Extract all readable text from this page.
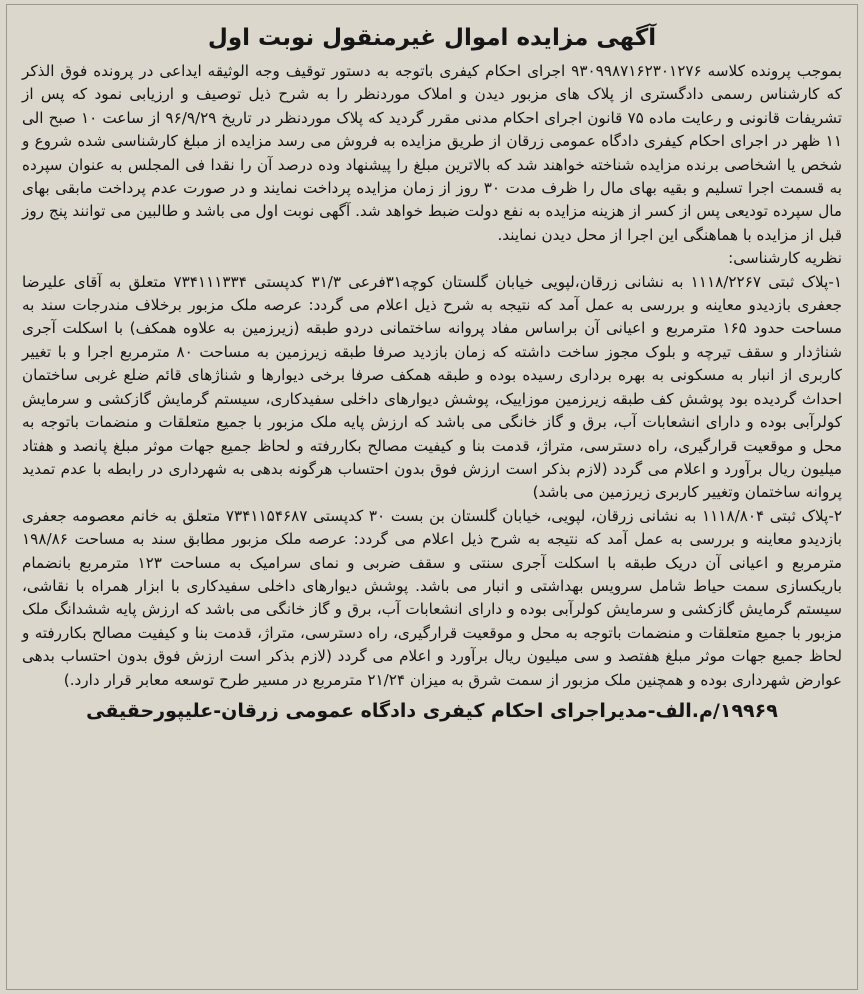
آگهی مزایده اموال غیرمنقول نوبت اول

بموجب پرونده کلاسه ۹۳۰۹۹۸۷۱۶۲۳۰۱۲۷۶ اجرای احکام کیفری باتوجه به دستور توقیف وجه الوثیقه ایداعی در پرونده فوق الذکر که کارشناس رسمی دادگستری از پلاک های مزبور دیدن و املاک موردنظر را به شرح ذیل توصیف و ارزیابی نمود که پس از تشریفات قانونی و رعایت ماده ۷۵ قانون اجرای احکام مدنی مقرر گردید که پلاک موردنظر در تاریخ ۹۶/۹/۲۹ از ساعت ۱۰ صبح الی ۱۱ ظهر در اجرای احکام کیفری دادگاه عمومی زرقان از طریق مزایده به فروش می رسد مزایده از مبلغ کارشناسی شده شروع و شخص یا اشخاصی برنده مزایده شناخته خواهند شد که بالاترین مبلغ را پیشنهاد وده درصد آن را نقدا فی المجلس به عنوان سپرده به قسمت اجرا تسلیم و بقیه بهای مال را ظرف مدت ۳۰ روز از زمان مزایده پرداخت نمایند و در صورت عدم پرداخت مابقی بهای مال سپرده تودیعی پس از کسر از هزینه مزایده به نفع دولت ضبط خواهد شد. آگهی نوبت اول می باشد و طالبین می توانند پنج روز قبل از مزایده با هماهنگی این اجرا از محل دیدن نمایند.

نظریه کارشناسی:

۱-پلاک ثبتی ۱۱۱۸/۲۲۶۷ به نشانی زرقان،لپویی خیابان گلستان کوچه۳۱فرعی ۳۱/۳ کدپستی ۷۳۴۱۱۱۳۳۴ متعلق به آقای علیرضا جعفری بازدیدو معاینه و بررسی به عمل آمد که نتیجه به شرح ذیل اعلام می گردد: عرصه ملک مزبور برخلاف مندرجات سند به مساحت حدود ۱۶۵ مترمربع و اعیانی آن براساس مفاد پروانه ساختمانی دردو طبقه (زیرزمین به علاوه همکف) با اسکلت آجری شناژدار و سقف تیرچه و بلوک مجوز ساخت داشته که زمان بازدید صرفا طبقه زیرزمین به مساحت ۸۰ مترمربع اجرا و با تغییر کاربری از انبار به مسکونی به بهره برداری رسیده بوده و طبقه همکف صرفا برخی دیوارها و شناژهای قائم ضلع غربی ساختمان احداث گردیده بود پوشش کف طبقه زیرزمین موزاییک، پوشش دیوارهای داخلی سفیدکاری، سیستم گرمایش گازکشی و سرمایش کولرآبی بوده و دارای انشعابات آب، برق و گاز خانگی می باشد که ارزش پایه ملک مزبور با جمیع متعلقات و منضمات باتوجه به محل و موقعیت قرارگیری، راه دسترسی، متراژ، قدمت بنا و کیفیت مصالح بکاررفته و لحاظ جمیع جهات موثر مبلغ پانصد و هفتاد میلیون ریال برآورد و اعلام می گردد (لازم بذکر است ارزش فوق بدون احتساب هرگونه بدهی به شهرداری در رابطه با عدم تمدید پروانه ساختمان وتغییر کاربری زیرزمین می باشد)

۲-پلاک ثبتی ۱۱۱۸/۸۰۴ به نشانی زرقان، لپویی، خیابان گلستان بن بست ۳۰ کدپستی ۷۳۴۱۱۵۴۶۸۷ متعلق به خانم معصومه جعفری بازدیدو معاینه و بررسی به عمل آمد که نتیجه به شرح ذیل اعلام می گردد: عرصه ملک مزبور مطابق سند به مساحت ۱۹۸/۸۶ مترمربع و اعیانی آن دریک طبقه با اسکلت آجری سنتی و سقف ضربی و نمای سرامیک به مساحت ۱۲۳ مترمربع بانضمام باریکسازی سمت حیاط شامل سرویس بهداشتی و انبار می باشد. پوشش دیوارهای داخلی سفیدکاری با ابزار همراه با نقاشی، سیستم گرمایش گازکشی و سرمایش کولرآبی بوده و دارای انشعابات آب، برق و گاز خانگی می باشد که ارزش پایه ششدانگ ملک مزبور با جمیع متعلقات و منضمات باتوجه به محل و موقعیت قرارگیری، راه دسترسی، متراژ، قدمت بنا و کیفیت مصالح بکاررفته و لحاظ جمیع جهات موثر مبلغ هفتصد و سی میلیون ریال برآورد و اعلام می گردد (لازم بذکر است ارزش فوق بدون احتساب بدهی عوارض شهرداری بوده و همچنین ملک مزبور از سمت شرق به میزان ۲۱/۲۴ مترمربع در مسیر طرح توسعه معابر قرار دارد.)

۱۹۹۶۹/م.الف-مدیراجرای احکام کیفری دادگاه عمومی زرقان-علیپورحقیقی
